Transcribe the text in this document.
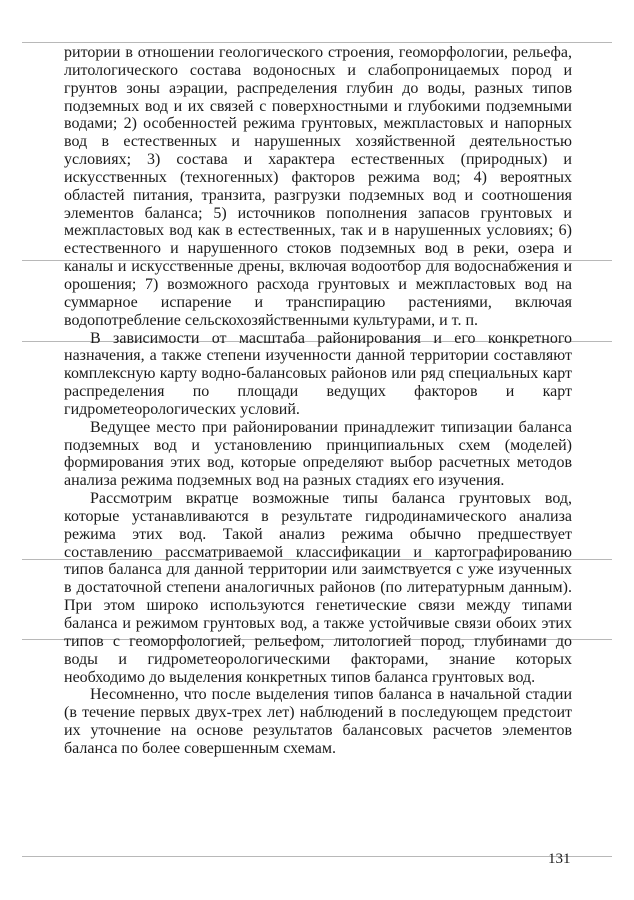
ритории в отношении геологического строения, геоморфологии, рельефа, литологического состава водоносных и слабопроницаемых пород и грунтов зоны аэрации, распределения глубин до воды, разных типов подземных вод и их связей с поверхностными и глубокими подземными водами; 2) особенностей режима грунтовых, межпластовых и напорных вод в естественных и нарушенных хозяйственной деятельностью условиях; 3) состава и характера естественных (природных) и искусственных (техногенных) факторов режима вод; 4) вероятных областей питания, транзита, разгрузки подземных вод и соотношения элементов баланса; 5) источников пополнения запасов грунтовых и межпластовых вод как в естественных, так и в нарушенных условиях; 6) естественного и нарушенного стоков подземных вод в реки, озера и каналы и искусственные дрены, включая водоотбор для водоснабжения и орошения; 7) возможного расхода грунтовых и межпластовых вод на суммарное испарение и транспирацию растениями, включая водопотребление сельскохозяйственными культурами, и т. п.

В зависимости от масштаба районирования и его конкретного назначения, а также степени изученности данной территории составляют комплексную карту водно-балансовых районов или ряд специальных карт распределения по площади ведущих факторов и карт гидрометеорологических условий.

Ведущее место при районировании принадлежит типизации баланса подземных вод и установлению принципиальных схем (моделей) формирования этих вод, которые определяют выбор расчетных методов анализа режима подземных вод на разных стадиях его изучения.

Рассмотрим вкратце возможные типы баланса грунтовых вод, которые устанавливаются в результате гидродинамического анализа режима этих вод. Такой анализ режима обычно предшествует составлению рассматриваемой классификации и картографированию типов баланса для данной территории или заимствуется с уже изученных в достаточной степени аналогичных районов (по литературным данным). При этом широко используются генетические связи между типами баланса и режимом грунтовых вод, а также устойчивые связи обоих этих типов с геоморфологией, рельефом, литологией пород, глубинами до воды и гидрометеорологическими факторами, знание которых необходимо до выделения конкретных типов баланса грунтовых вод.

Несомненно, что после выделения типов баланса в начальной стадии (в течение первых двух-трех лет) наблюдений в последующем предстоит их уточнение на основе результатов балансовых расчетов элементов баланса по более совершенным схемам.

131
